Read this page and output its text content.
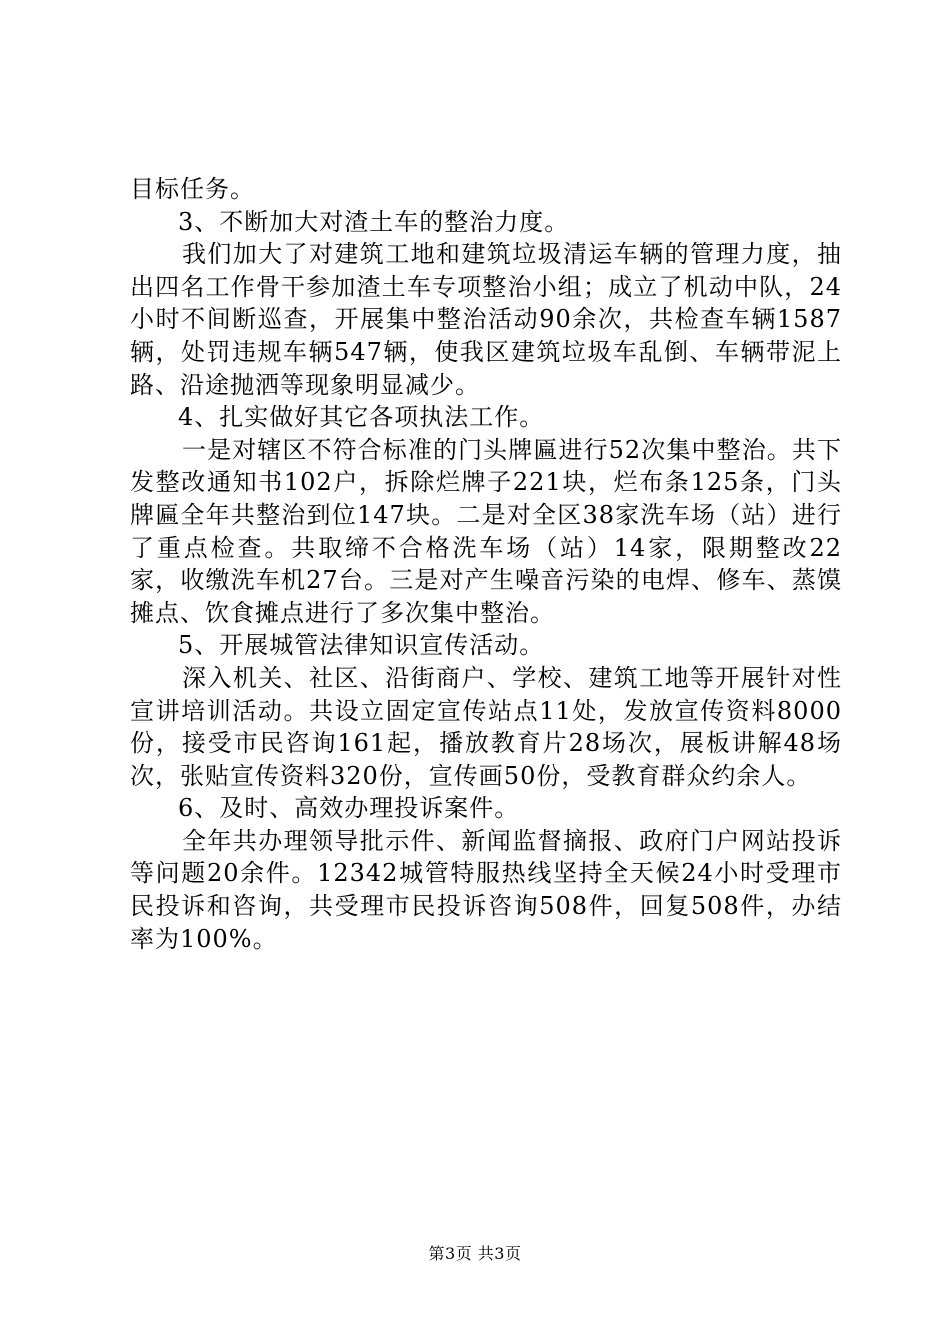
目标任务。

3、不断加大对渣土车的整治力度。

我们加大了对建筑工地和建筑垃圾清运车辆的管理力度，抽出四名工作骨干参加渣土车专项整治小组；成立了机动中队，24小时不间断巡查，开展集中整治活动90余次，共检查车辆1587辆，处罚违规车辆547辆，使我区建筑垃圾车乱倒、车辆带泥上路、沿途抛洒等现象明显减少。

4、扎实做好其它各项执法工作。

一是对辖区不符合标准的门头牌匾进行52次集中整治。共下发整改通知书102户，拆除烂牌子221块，烂布条125条，门头牌匾全年共整治到位147块。二是对全区38家洗车场（站）进行了重点检查。共取缔不合格洗车场（站）14家，限期整改22家，收缴洗车机27台。三是对产生噪音污染的电焊、修车、蒸馍摊点、饮食摊点进行了多次集中整治。

5、开展城管法律知识宣传活动。

深入机关、社区、沿街商户、学校、建筑工地等开展针对性宣讲培训活动。共设立固定宣传站点11处，发放宣传资料8000份，接受市民咨询161起，播放教育片28场次，展板讲解48场次，张贴宣传资料320份，宣传画50份，受教育群众约余人。

6、及时、高效办理投诉案件。

全年共办理领导批示件、新闻监督摘报、政府门户网站投诉等问题20余件。12342城管特服热线坚持全天候24小时受理市民投诉和咨询，共受理市民投诉咨询508件，回复508件，办结率为100%。

第3页 共3页
